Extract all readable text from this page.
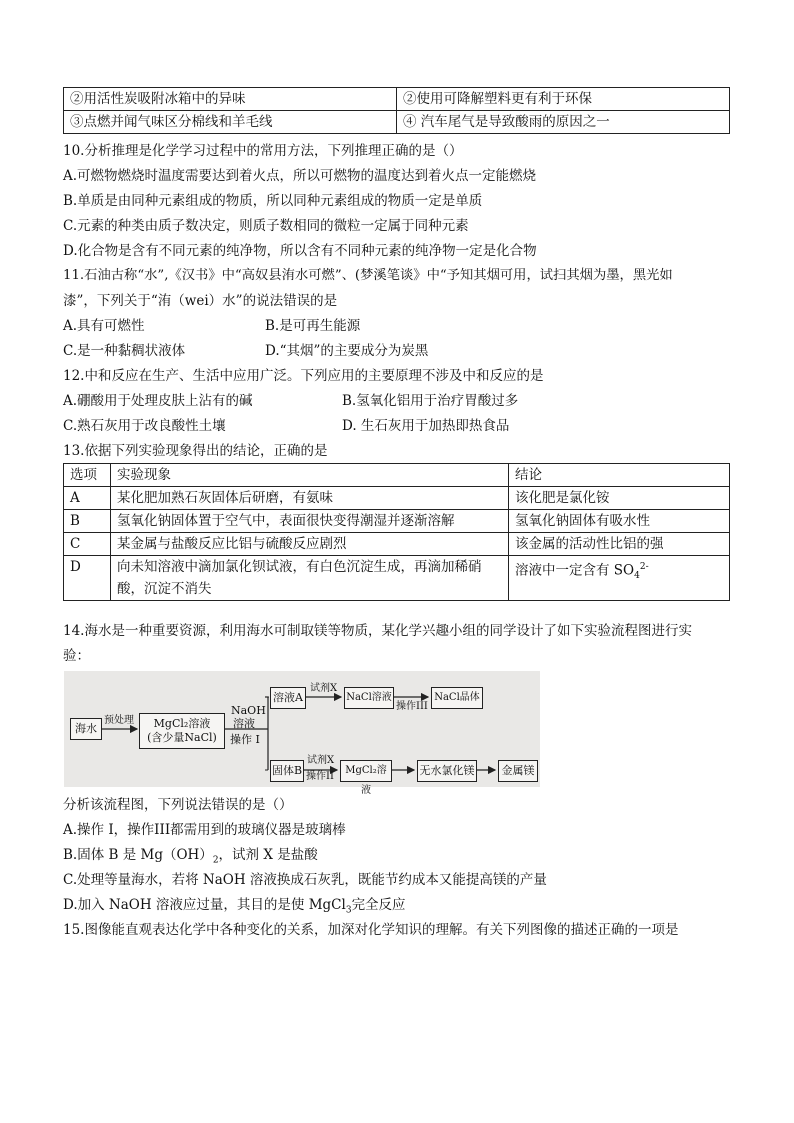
②用活性炭吸附冰箱中的异味	②使用可降解塑料更有利于环保
③点燃并闻气味区分棉线和羊毛线	④ 汽车尾气是导致酸雨的原因之一
10.分析推理是化学学习过程中的常用方法，下列推理正确的是（）
A.可燃物燃烧时温度需要达到着火点，所以可燃物的温度达到着火点一定能燃烧
B.单质是由同种元素组成的物质，所以同种元素组成的物质一定是单质
C.元素的种类由质子数决定，则质子数相同的微粒一定属于同种元素
D.化合物是含有不同元素的纯净物，所以含有不同种元素的纯净物一定是化合物
11.石油古称“水”,《汉书》中“高奴县洧水可燃”、(梦溪笔谈》中“予知其烟可用，试扫其烟为墨，黑光如
漆”，下列关于“洧（wei）水”的说法错误的是
A.具有可燃性	B.是可再生能源
C.是一种黏稠状液体	D.“其烟”的主要成分为炭黑
12.中和反应在生产、生活中应用广泛。下列应用的主要原理不涉及中和反应的是
A.硼酸用于处理皮肤上沾有的碱	B.氢氧化铝用于治疗胃酸过多
C.熟石灰用于改良酸性土壤	D. 生石灰用于加热即热食品
13.依据下列实验现象得出的结论，正确的是
选项	实验现象	结论
A	某化肥加熟石灰固体后研磨，有氨味	该化肥是氯化铵
B	氢氧化钠固体置于空气中，表面很快变得潮湿并逐渐溶解	氢氧化钠固体有吸水性
C	某金属与盐酸反应比铝与硫酸反应剧烈	该金属的活动性比铝的强
D	向未知溶液中滴加氯化钡试液，有白色沉淀生成，再滴加稀硝
酸，沉淀不消失	溶液中一定含有 $SO_4^{2-}$
14.海水是一种重要资源，利用海水可制取镁等物质，某化学兴趣小组的同学设计了如下实验流程图进行实
验：
海水
预处理	MgCl₂溶液
(含少量NaCl)
NaOH
溶液
操作 I
溶液A
试剂X
NaCl溶液
操作III
NaCl晶体
固体B
试剂X
操作II
MgCl₂溶液
无水氯化镁	金属镁
分析该流程图，下列说法错误的是（）
A.操作 I，操作III都需用到的玻璃仪器是玻璃棒
B.固体 B 是 $Mg(OH)_2$，试剂 X 是盐酸
C.处理等量海水，若将 NaOH 溶液换成石灰乳，既能节约成本又能提高镁的产量
D.加入 NaOH 溶液应过量，其目的是使 MgCl$_3$完全反应
15.图像能直观表达化学中各种变化的关系，加深对化学知识的理解。有关下列图像的描述正确的一项是
